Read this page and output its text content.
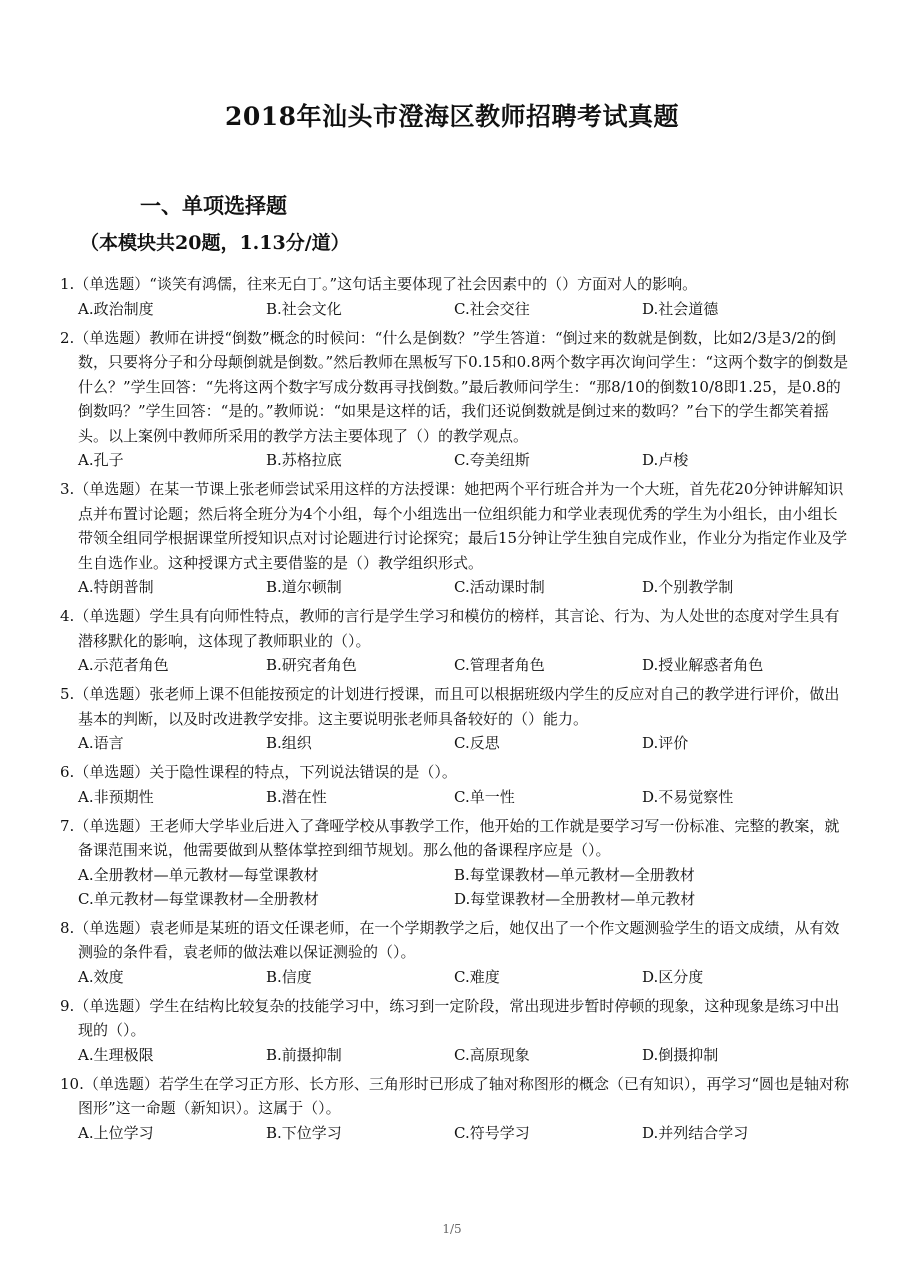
2018年汕头市澄海区教师招聘考试真题
一、单项选择题
（本模块共20题，1.13分/道）
1.（单选题）“谈笑有鸿儒，往来无白丁。”这句话主要体现了社会因素中的（）方面对人的影响。
A.政治制度	B.社会文化	C.社会交往	D.社会道德
2.（单选题）教师在讲授“倒数”概念的时候问：“什么是倒数？”学生答道：“倒过来的数就是倒数，比如2/3是3/2的倒数，只要将分子和分母颠倒就是倒数。”然后教师在黑板写下0.15和0.8两个数字再次询问学生：“这两个数字的倒数是什么？”学生回答：“先将这两个数字写成分数再寻找倒数。”最后教师问学生：“那8/10的倒数10/8即1.25，是0.8的倒数吗？”学生回答：“是的。”教师说：“如果是这样的话，我们还说倒数就是倒过来的数吗？”台下的学生都笑着摇头。以上案例中教师所采用的教学方法主要体现了（）的教学观点。
A.孔子	B.苏格拉底	C.夸美纽斯	D.卢梭
3.（单选题）在某一节课上张老师尝试采用这样的方法授课：她把两个平行班合并为一个大班，首先花20分钟讲解知识点并布置讨论题；然后将全班分为4个小组，每个小组选出一位组织能力和学业表现优秀的学生为小组长，由小组长带领全组同学根据课堂所授知识点对讨论题进行讨论探究；最后15分钟让学生独自完成作业，作业分为指定作业及学生自选作业。这种授课方式主要借鉴的是（）教学组织形式。
A.特朗普制	B.道尔顿制	C.活动课时制	D.个别教学制
4.（单选题）学生具有向师性特点，教师的言行是学生学习和模仿的榜样，其言论、行为、为人处世的态度对学生具有潜移默化的影响，这体现了教师职业的（）。
A.示范者角色	B.研究者角色	C.管理者角色	D.授业解惑者角色
5.（单选题）张老师上课不但能按预定的计划进行授课，而且可以根据班级内学生的反应对自己的教学进行评价，做出基本的判断，以及时改进教学安排。这主要说明张老师具备较好的（）能力。
A.语言	B.组织	C.反思	D.评价
6.（单选题）关于隐性课程的特点，下列说法错误的是（）。
A.非预期性	B.潜在性	C.单一性	D.不易觉察性
7.（单选题）王老师大学毕业后进入了聋哑学校从事教学工作，他开始的工作就是要学习写一份标准、完整的教案，就备课范围来说，他需要做到从整体掌控到细节规划。那么他的备课程序应是（）。
A.全册教材—单元教材—每堂课教材	B.每堂课教材—单元教材—全册教材
C.单元教材—每堂课教材—全册教材	D.每堂课教材—全册教材—单元教材
8.（单选题）袁老师是某班的语文任课老师，在一个学期教学之后，她仅出了一个作文题测验学生的语文成绩，从有效测验的条件看，袁老师的做法难以保证测验的（）。
A.效度	B.信度	C.难度	D.区分度
9.（单选题）学生在结构比较复杂的技能学习中，练习到一定阶段，常出现进步暂时停顿的现象，这种现象是练习中出现的（）。
A.生理极限	B.前摄抑制	C.高原现象	D.倒摄抑制
10.（单选题）若学生在学习正方形、长方形、三角形时已形成了轴对称图形的概念（已有知识），再学习“圆也是轴对称图形”这一命题（新知识）。这属于（）。
A.上位学习	B.下位学习	C.符号学习	D.并列结合学习
1/5
